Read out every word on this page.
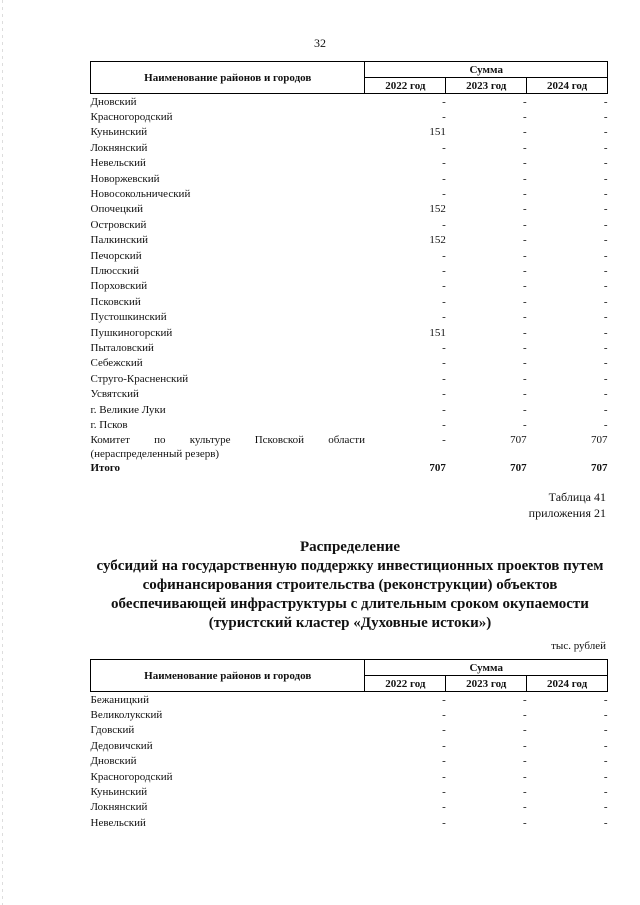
32
Наименование районов и городов	Сумма		
	2022 год	2023 год	2024 год
Дновский	-	-	-
Красногородский	-	-	-
Куньинский	151	-	-
Локнянский	-	-	-
Невельский	-	-	-
Новоржевский	-	-	-
Новосокольнический	-	-	-
Опочецкий	152	-	-
Островский	-	-	-
Палкинский	152	-	-
Печорский	-	-	-
Плюсский	-	-	-
Порховский	-	-	-
Псковский	-	-	-
Пустошкинский	-	-	-
Пушкиногорский	151	-	-
Пыталовский	-	-	-
Себежский	-	-	-
Струго-Красненский	-	-	-
Усвятский	-	-	-
г. Великие Луки	-	-	-
г. Псков	-	-	-

Комитет по культуре Псковской области
(нераспределенный резерв)	-	707	707
Итого	707	707	707
Таблица 41
приложения 21
Распределение
субсидий на государственную поддержку инвестиционных проектов путем
софинансирования строительства (реконструкции) объектов
обеспечивающей инфраструктуры с длительным сроком окупаемости
(туристский кластер «Духовные истоки»)
тыс. рублей
Наименование районов и городов	Сумма		
	2022 год	2023 год	2024 год
Бежаницкий	-	-	-
Великолукский	-	-	-
Гдовский	-	-	-
Дедовичский	-	-	-
Дновский	-	-	-
Красногородский	-	-	-
Куньинский	-	-	-
Локнянский	-	-	-
Невельский	-	-	-
